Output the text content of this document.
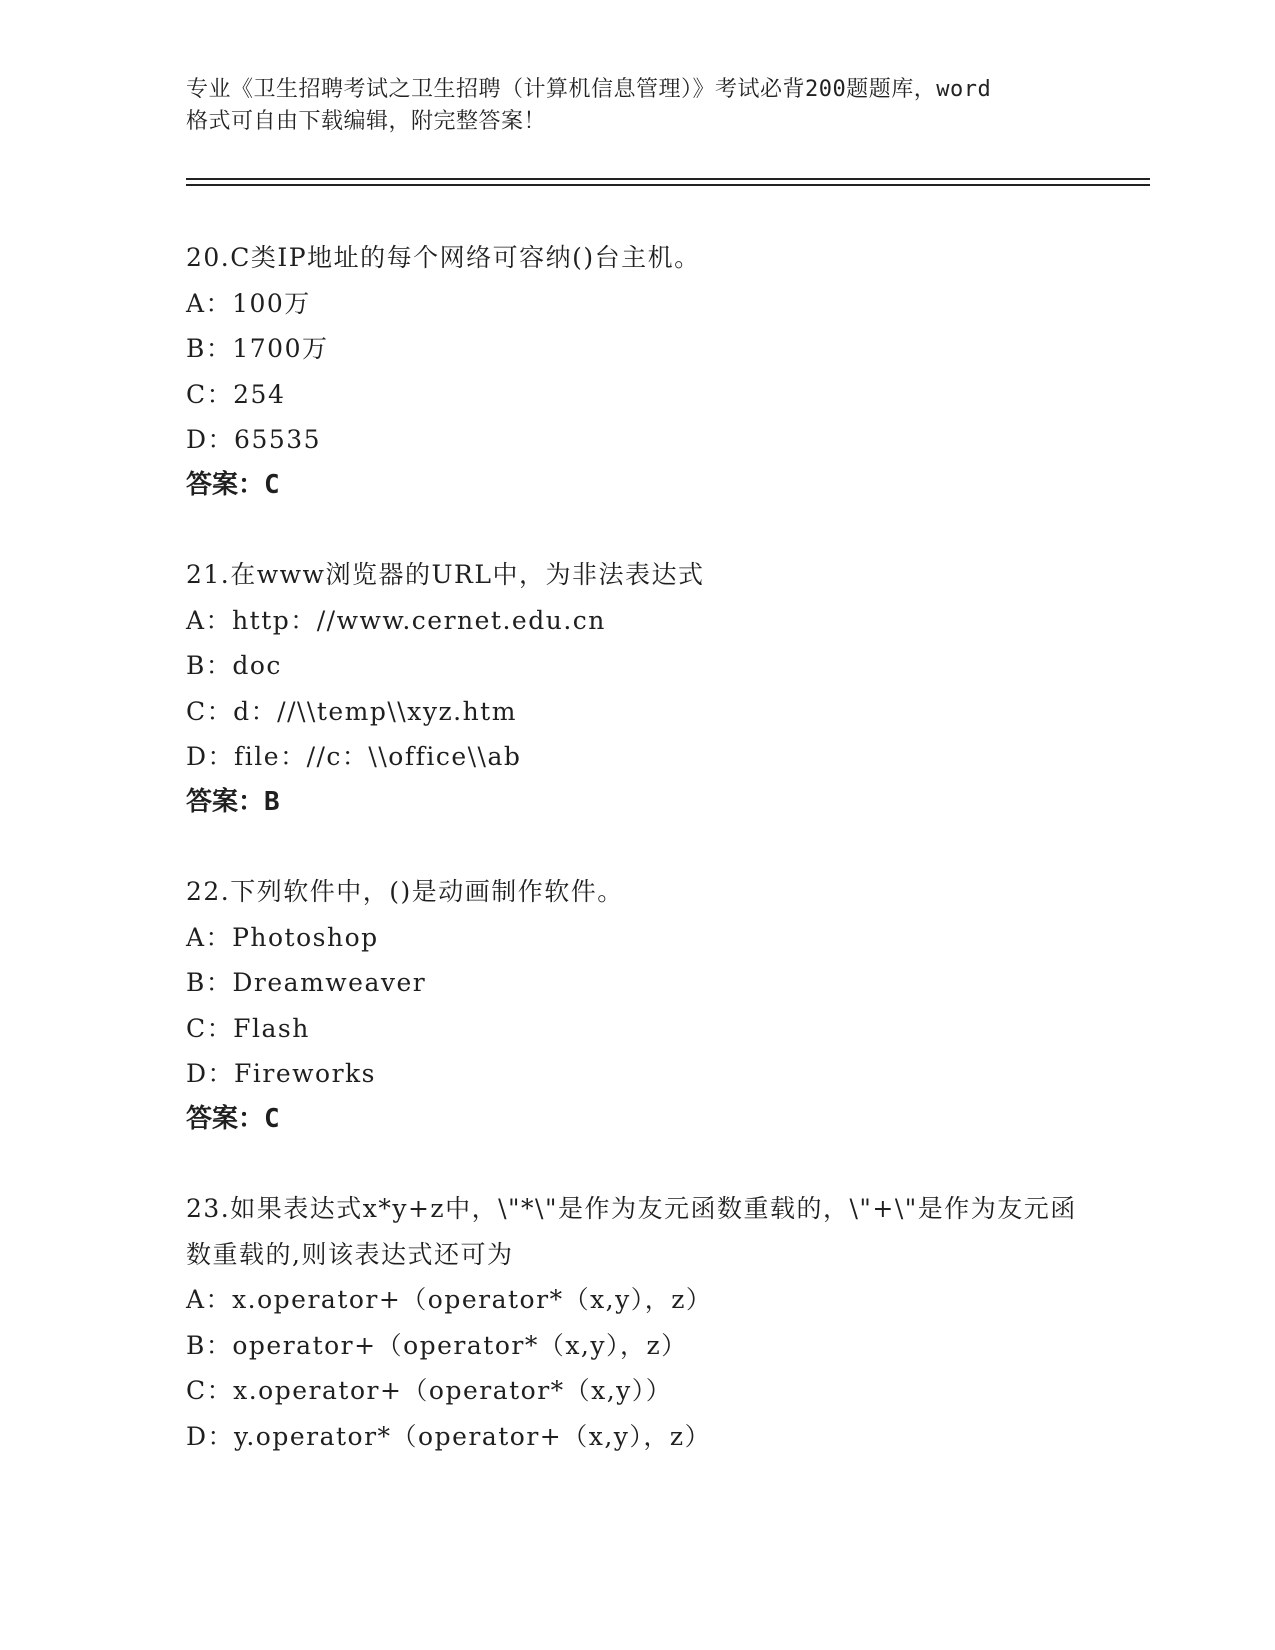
专业《卫生招聘考试之卫生招聘（计算机信息管理）》考试必背200题题库，word
格式可自由下载编辑，附完整答案！
20.C类IP地址的每个网络可容纳()台主机。
A：100万
B：1700万
C：254
D：65535
答案：C
21.在www浏览器的URL中，为非法表达式
A：http：//www.cernet.edu.cn
B：doc
C：d：//\\temp\\xyz.htm
D：file：//c：\\office\\ab
答案：B
22.下列软件中，()是动画制作软件。
A：Photoshop
B：Dreamweaver
C：Flash
D：Fireworks
答案：C
23.如果表达式x*y+z中，\"*\"是作为友元函数重载的，\"+\"是作为友元函数重载的,则该表达式还可为
A：x.operator+（operator*（x,y），z）
B：operator+（operator*（x,y），z）
C：x.operator+（operator*（x,y））
D：y.operator*（operator+（x,y），z）
